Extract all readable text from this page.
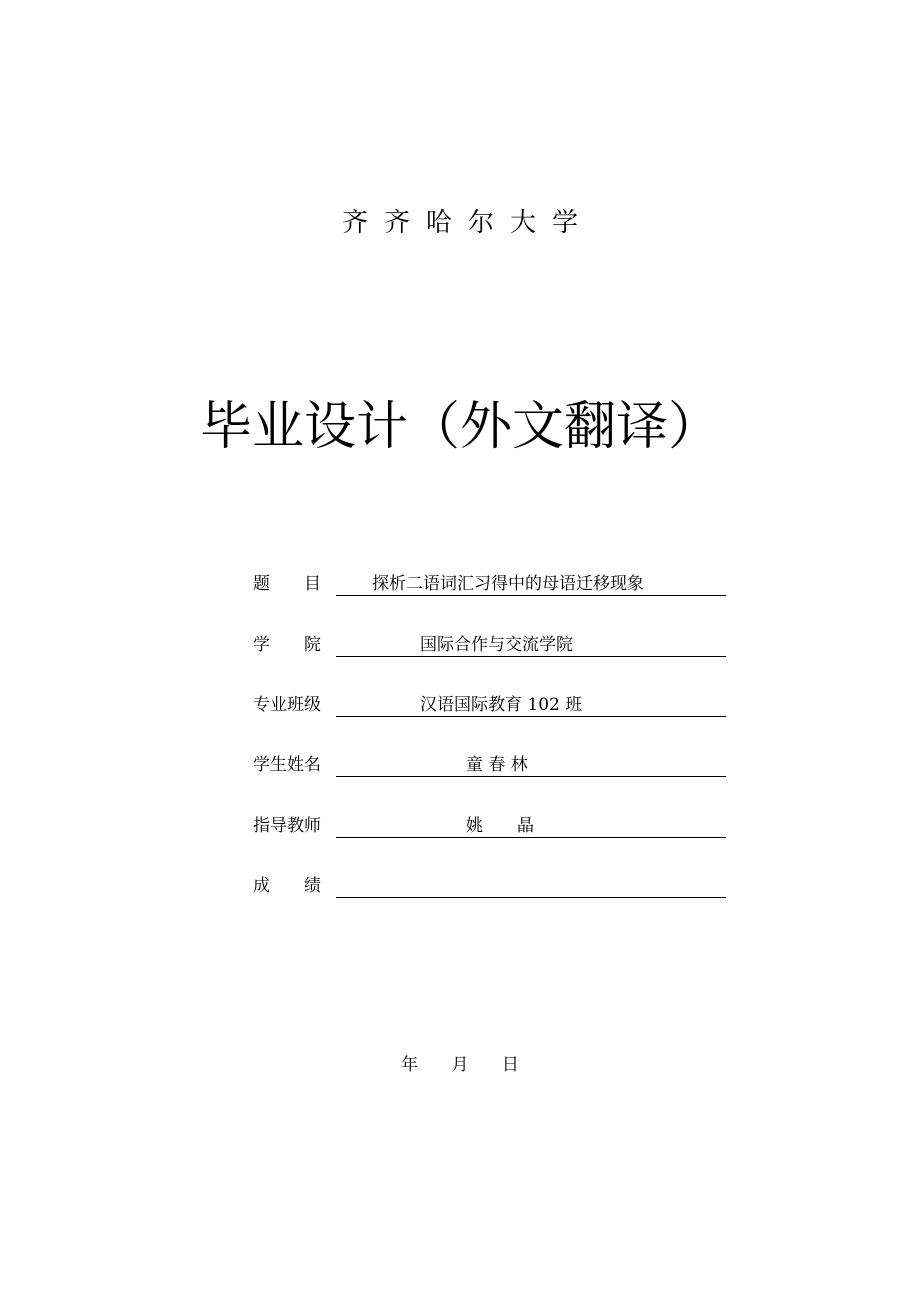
齐齐哈尔大学
毕业设计（外文翻译）
题　　目	探析二语词汇习得中的母语迁移现象
学　　院	国际合作与交流学院
专业班级	汉语国际教育 102 班
学生姓名	童 春 林
指导教师	姚　　晶
成　　绩
年 月 日
